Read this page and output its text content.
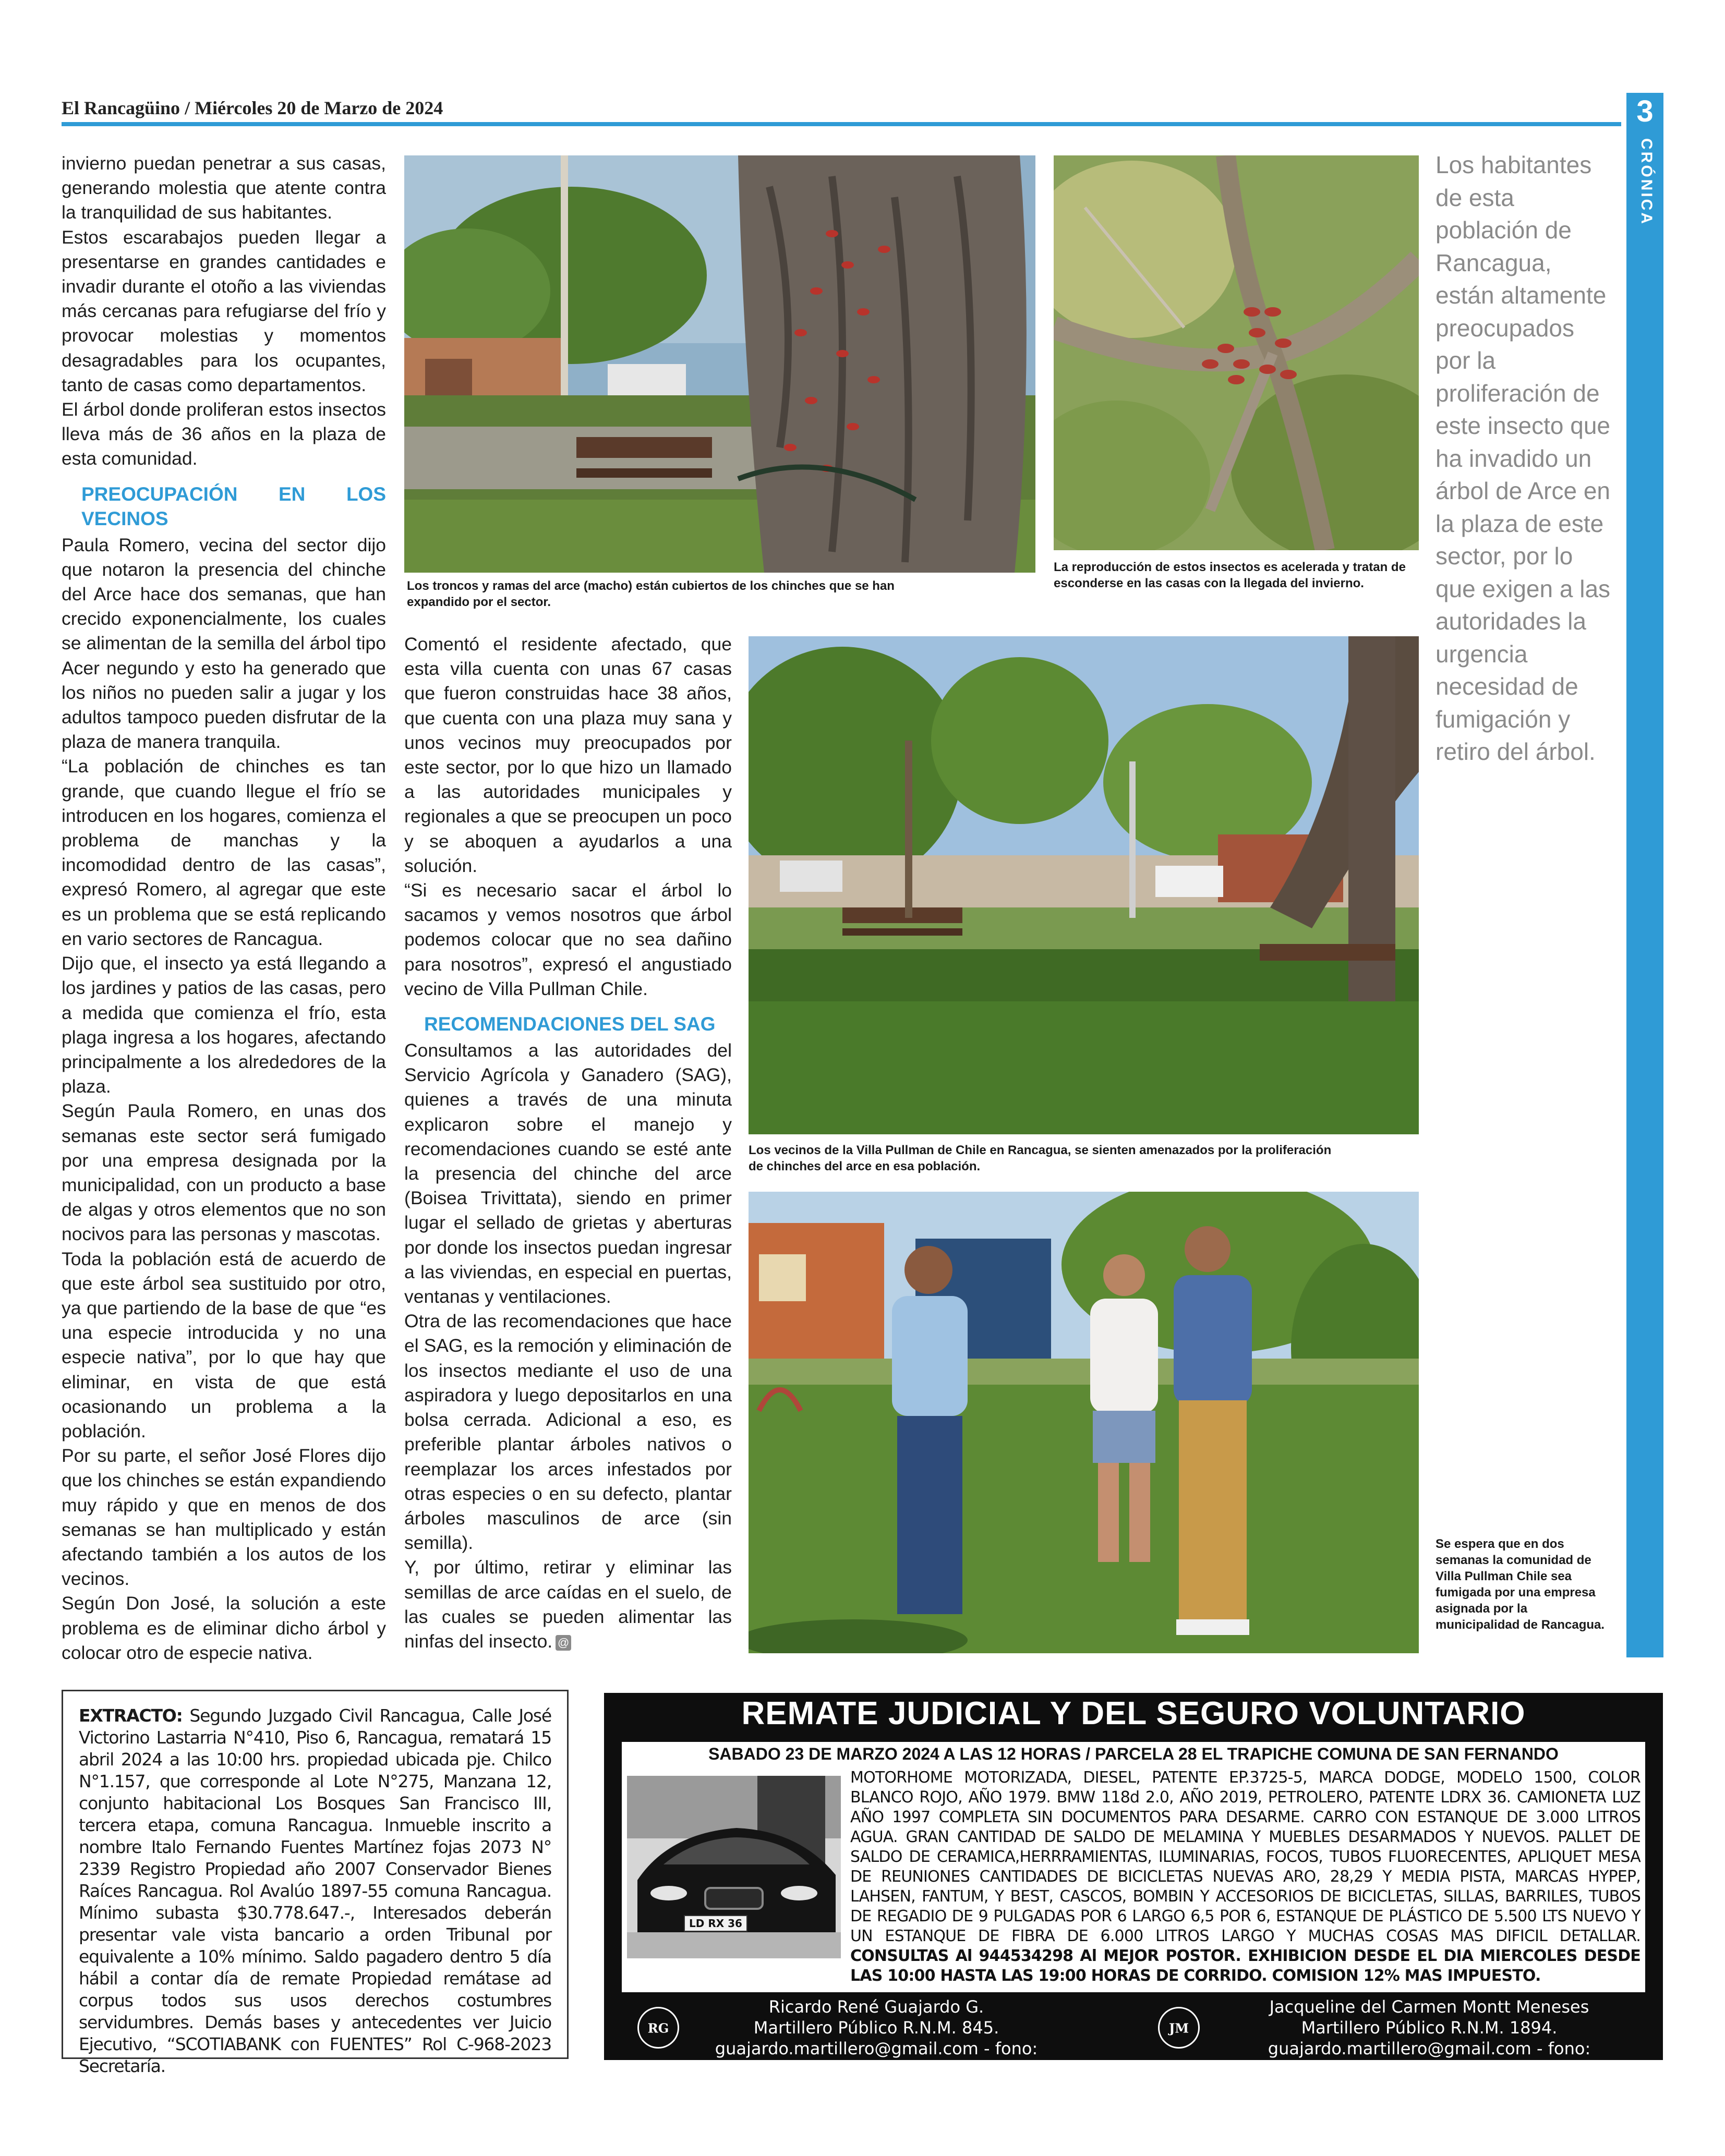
El Rancagüino / Miércoles 20 de Marzo de 2024	3
CRÓNICA

invierno puedan penetrar a sus casas, generando molestia que atente contra la tranquilidad de sus habitantes.

Estos escarabajos pueden llegar a presentarse en grandes cantidades e invadir durante el otoño a las viviendas más cercanas para refugiarse del frío y provocar molestias y momentos desagradables para los ocupantes, tanto de casas como departamentos.

El árbol donde proliferan estos insectos lleva más de 36 años en la plaza de esta comunidad.

PREOCUPACIÓN EN LOS VECINOS

Paula Romero, vecina del sector dijo que notaron la presencia del chinche del Arce hace dos semanas, que han crecido exponencialmente, los cuales se alimentan de la semilla del árbol tipo Acer negundo y esto ha generado que los niños no pueden salir a jugar y los adultos tampoco pueden disfrutar de la plaza de manera tranquila.

“La población de chinches es tan grande, que cuando llegue el frío se introducen en los hogares, comienza el problema de manchas y la incomodidad dentro de las casas”, expresó Romero, al agregar que este es un problema que se está replicando en vario sectores de Rancagua.

Dijo que, el insecto ya está llegando a los jardines y patios de las casas, pero a medida que comienza el frío, esta plaga ingresa a los hogares, afectando principalmente a los alrededores de la plaza.

Según Paula Romero, en unas dos semanas este sector será fumigado por una empresa designada por la municipalidad, con un producto a base de algas y otros elementos que no son nocivos para las personas y mascotas.

Toda la población está de acuerdo de que este árbol sea sustituido por otro, ya que partiendo de la base de que “es una especie introducida y no una especie nativa”, por lo que hay que eliminar, en vista de que está ocasionando un problema a la población.

Por su parte, el señor José Flores dijo que los chinches se están expandiendo muy rápido y que en menos de dos semanas se han multiplicado y están afectando también a los autos de los vecinos.

Según Don José, la solución a este problema es de eliminar dicho árbol y colocar otro de especie nativa.

Los troncos y ramas del arce (macho) están cubiertos de los chinches que se han expandido por el sector.
La reproducción de estos insectos es acelerada y tratan de esconderse en las casas con la llegada del invierno.
Los habitantes de esta población de Rancagua, están altamente preocupados por la proliferación de este insecto que ha invadido un árbol de Arce en la plaza de este sector, por lo que exigen a las autoridades la urgencia necesidad de fumigación y retiro del árbol.

Comentó el residente afectado, que esta villa cuenta con unas 67 casas que fueron construidas hace 38 años, que cuenta con una plaza muy sana y unos vecinos muy preocupados por este sector, por lo que hizo un llamado a las autoridades municipales y regionales a que se preocupen un poco y se aboquen a ayudarlos a una solución.

“Si es necesario sacar el árbol lo sacamos y vemos nosotros que árbol podemos colocar que no sea dañino para nosotros”, expresó el angustiado vecino de Villa Pullman Chile.

RECOMENDACIONES DEL SAG

Consultamos a las autoridades del Servicio Agrícola y Ganadero (SAG), quienes a través de una minuta explicaron sobre el manejo y recomendaciones cuando se esté ante la presencia del chinche del arce (Boisea Trivittata), siendo en primer lugar el sellado de grietas y aberturas por donde los insectos puedan ingresar a las viviendas, en especial en puertas, ventanas y ventilaciones.

Otra de las recomendaciones que hace el SAG, es la remoción y eliminación de los insectos mediante el uso de una aspiradora y luego depositarlos en una bolsa cerrada. Adicional a eso, es preferible plantar árboles nativos o reemplazar los arces infestados por otras especies o en su defecto, plantar árboles masculinos de arce (sin semilla).

Y, por último, retirar y eliminar las semillas de arce caídas en el suelo, de las cuales se pueden alimentar las ninfas del insecto. @

Los vecinos de la Villa Pullman de Chile en Rancagua, se sienten amenazados por la proliferación de chinches del arce en esa población.
Se espera que en dos semanas la comunidad de Villa Pullman Chile sea fumigada por una empresa asignada por la municipalidad de Rancagua.
EXTRACTO: Segundo Juzgado Civil Rancagua, Calle José Victorino Lastarria N°410, Piso 6, Rancagua, rematará 15 abril 2024 a las 10:00 hrs. propiedad ubicada pje. Chilco N°1.157, que corresponde al Lote N°275, Manzana 12, conjunto habitacional Los Bosques San Francisco III, tercera etapa, comuna Rancagua. Inmueble inscrito a nombre Italo Fernando Fuentes Martínez fojas 2073 N° 2339 Registro Propiedad año 2007 Conservador Bienes Raíces Rancagua. Rol Avalúo 1897-55 comuna Rancagua. Mínimo subasta $30.778.647.-, Interesados deberán presentar vale vista bancario a orden Tribunal por equivalente a 10% mínimo. Saldo pagadero dentro 5 día hábil a contar día de remate Propiedad remátase ad corpus todos sus usos derechos costumbres servidumbres. Demás bases y antecedentes ver Juicio Ejecutivo, “SCOTIABANK con FUENTES” Rol C-968-2023 Secretaría.
REMATE JUDICIAL Y DEL SEGURO VOLUNTARIO
SABADO 23 DE MARZO 2024 A LAS 12 HORAS / PARCELA 28 EL TRAPICHE COMUNA DE SAN FERNANDO
LD RX 36
MOTORHOME MOTORIZADA, DIESEL, PATENTE EP.3725-5, MARCA DODGE, MODELO 1500, COLOR BLANCO ROJO, AÑO 1979. BMW 118d 2.0, AÑO 2019, PETROLERO, PATENTE LDRX 36. CAMIONETA LUZ AÑO 1997 COMPLETA SIN DOCUMENTOS PARA DESARME. CARRO CON ESTANQUE DE 3.000 LITROS AGUA. GRAN CANTIDAD DE SALDO DE MELAMINA Y MUEBLES DESARMADOS Y NUEVOS. PALLET DE SALDO DE CERAMICA,HERRRAMIENTAS, ILUMINARIAS, FOCOS, TUBOS FLUORECENTES, APLIQUET MESA DE REUNIONES CANTIDADES DE BICICLETAS NUEVAS ARO, 28,29 Y MEDIA PISTA, MARCAS HYPEP, LAHSEN, FANTUM, Y BEST, CASCOS, BOMBIN Y ACCESORIOS DE BICICLETAS, SILLAS, BARRILES, TUBOS DE REGADIO DE 9 PULGADAS POR 6 LARGO 6,5 POR 6, ESTANQUE DE PLÁSTICO DE 5.500 LTS NUEVO Y UN ESTANQUE DE FIBRA DE 6.000 LITROS LARGO Y MUCHAS COSAS MAS DIFICIL DETALLAR. CONSULTAS Al 944534298 Al MEJOR POSTOR. EXHIBICION DESDE EL DIA MIERCOLES DESDE LAS 10:00 HASTA LAS 19:00 HORAS DE CORRIDO. COMISION 12% MAS IMPUESTO.
RG
Ricardo René Guajardo G.
Martillero Público R.N.M. 845.
guajardo.martillero@gmail.com - fono: 944534298.
JM
Jacqueline del Carmen Montt Meneses
Martillero Público R.N.M. 1894.
guajardo.martillero@gmail.com - fono: 944534298.
